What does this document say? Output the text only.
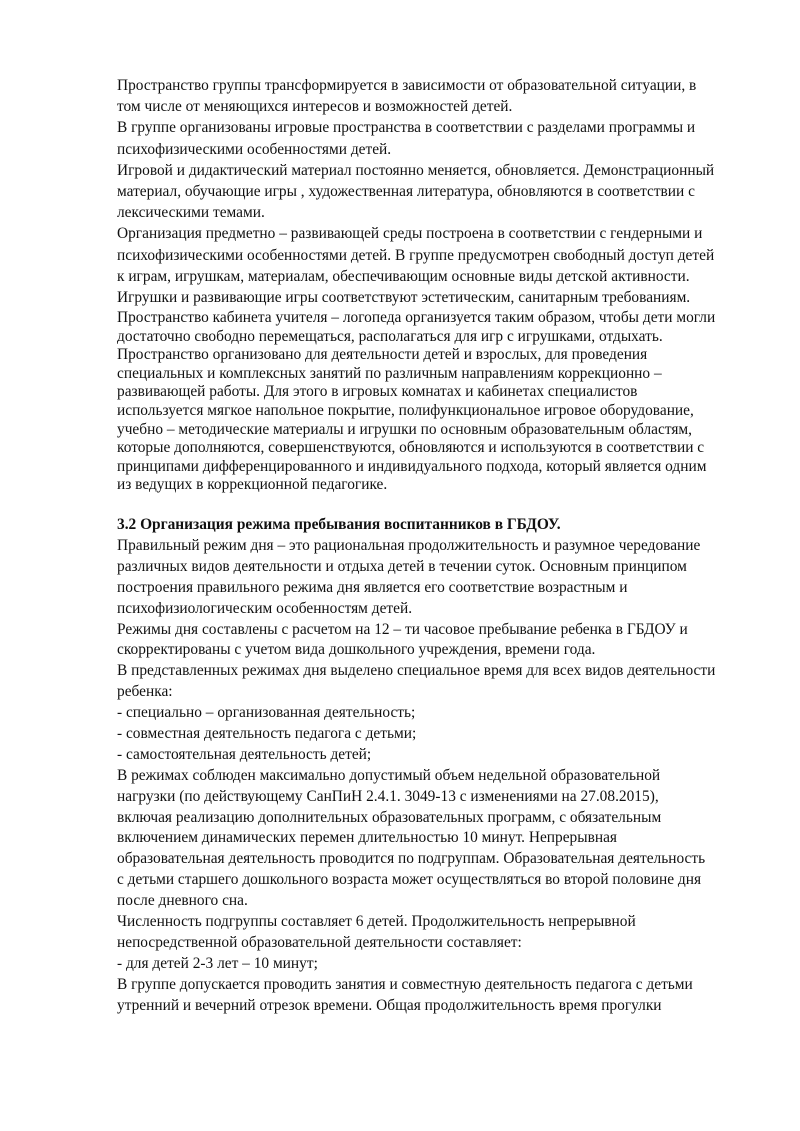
Пространство группы трансформируется в зависимости от образовательной ситуации, в
том числе от меняющихся интересов и возможностей детей.
В группе организованы игровые пространства в соответствии с разделами программы и
психофизическими особенностями детей.
Игровой и дидактический материал постоянно меняется, обновляется. Демонстрационный
материал, обучающие игры , художественная литература, обновляются в соответствии с
лексическими темами.
Организация предметно – развивающей среды построена в соответствии с гендерными и
психофизическими особенностями детей. В группе предусмотрен свободный доступ детей
к играм, игрушкам, материалам, обеспечивающим основные виды детской активности.
Игрушки и развивающие игры соответствуют эстетическим, санитарным требованиям.
Пространство кабинета учителя – логопеда организуется таким образом, чтобы дети могли
достаточно свободно перемещаться, располагаться для игр с игрушками, отдыхать.
Пространство организовано для деятельности детей и взрослых, для проведения
специальных и комплексных занятий по различным направлениям коррекционно –
развивающей работы. Для этого в игровых комнатах и кабинетах специалистов
используется мягкое напольное покрытие, полифункциональное игровое оборудование,
учебно – методические материалы и игрушки по основным образовательным областям,
которые дополняются, совершенствуются, обновляются и используются в соответствии с
принципами дифференцированного и индивидуального подхода, который является одним
из ведущих в коррекционной педагогике.
3.2 Организация режима пребывания воспитанников в ГБДОУ.
Правильный режим дня – это рациональная продолжительность и разумное чередование
различных видов деятельности и отдыха детей в течении суток. Основным принципом
построения правильного режима дня является его соответствие возрастным и
психофизиологическим особенностям детей.
Режимы дня составлены с расчетом на 12 – ти часовое пребывание ребенка в ГБДОУ и
скорректированы с учетом вида дошкольного учреждения, времени года.
В представленных режимах дня выделено специальное время для всех видов деятельности
ребенка:
- специально – организованная деятельность;
- совместная деятельность педагога с детьми;
- самостоятельная деятельность детей;
В режимах соблюден максимально допустимый объем недельной образовательной
нагрузки (по действующему СанПиН 2.4.1. 3049-13 с изменениями на 27.08.2015),
включая реализацию дополнительных образовательных программ, с обязательным
включением динамических перемен длительностью 10 минут. Непрерывная
образовательная деятельность проводится по подгруппам. Образовательная деятельность
с детьми старшего дошкольного возраста может осуществляться во второй половине дня
после дневного сна.
Численность подгруппы составляет 6 детей. Продолжительность непрерывной
непосредственной образовательной деятельности составляет:
- для детей 2-3 лет – 10 минут;
В группе допускается проводить занятия и совместную деятельность педагога с детьми
утренний и вечерний отрезок времени. Общая продолжительность время прогулки
